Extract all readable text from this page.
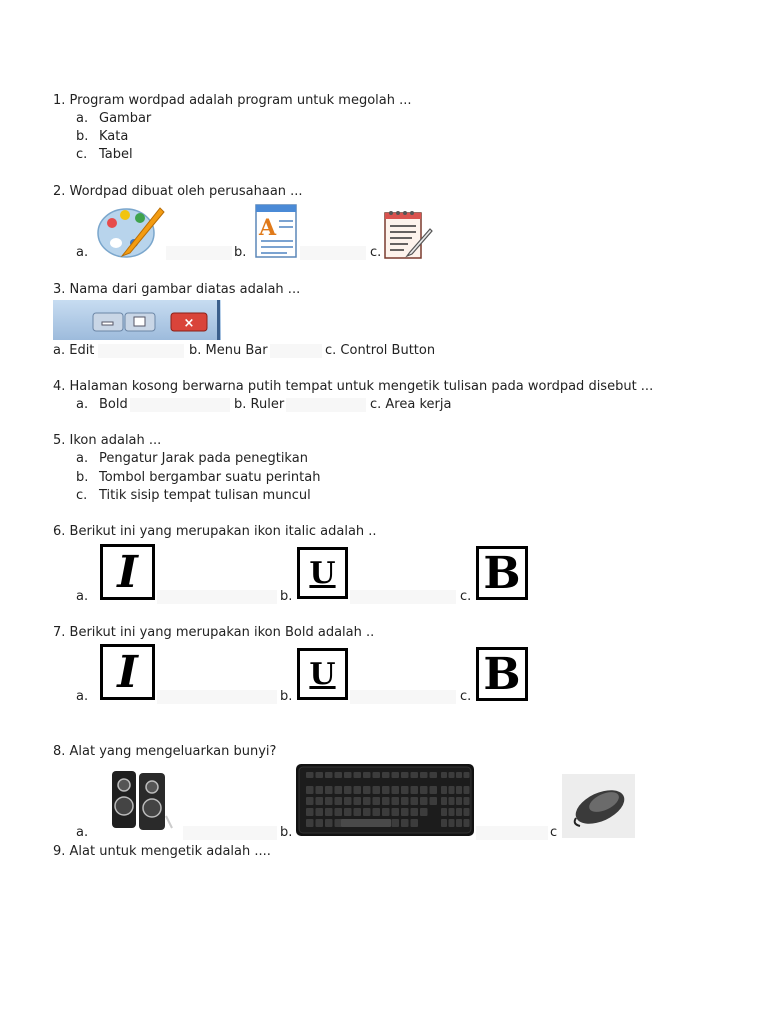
1. Program wordpad adalah program untuk megolah ...
a. Gambar
b. Kata
c. Tabel
2. Wordpad dibuat oleh perusahaan ...
a.	b.
A
c.
3. Nama dari gambar diatas adalah ...
×
a. Edit	b. Menu Bar	c. Control Button
4. Halaman kosong berwarna putih tempat untuk mengetik tulisan pada wordpad disebut ...
a. Bold	b. Ruler	c. Area kerja
5. Ikon adalah ...
a. Pengatur Jarak pada penegtikan
b. Tombol bergambar suatu perintah
c. Titik sisip tempat tulisan muncul
6. Berikut ini yang merupakan ikon italic adalah ..
a. I	b.
U
c. B
7. Berikut ini yang merupakan ikon Bold adalah ..
a. I	b.
U
c. B
8. Alat yang mengeluarkan bunyi?
a.	b.	c
9. Alat untuk mengetik adalah ....
